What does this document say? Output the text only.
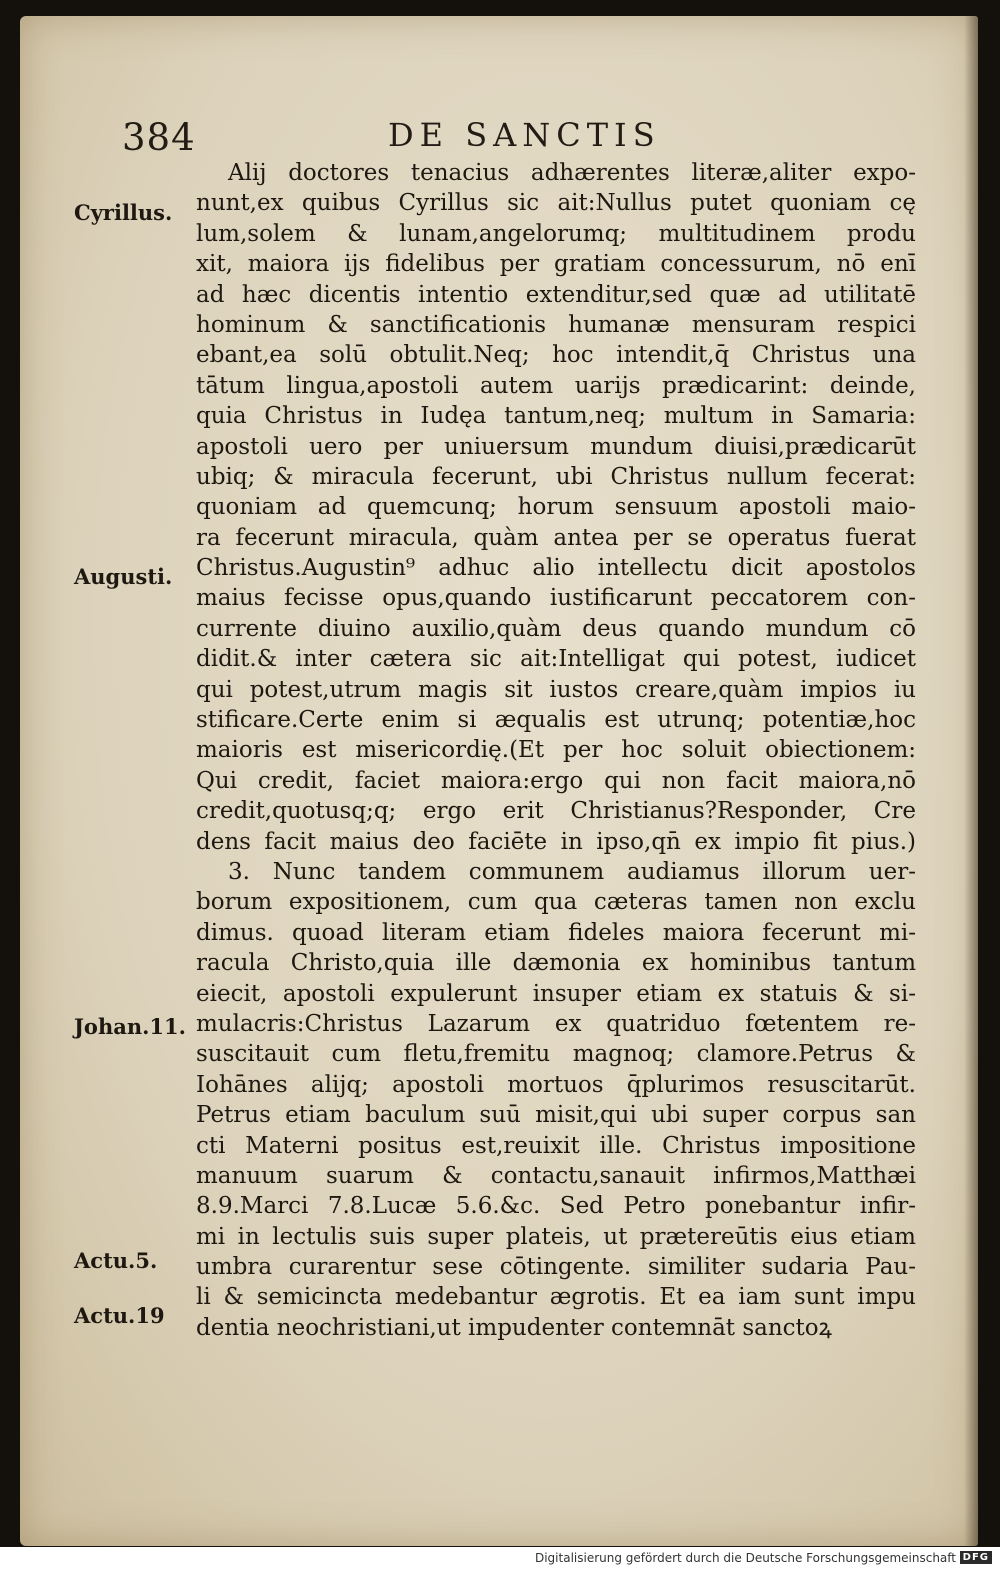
384	DE SANCTIS
Cyrillus.
Augusti.
Johan.11.
Actu.5.
Actu.19
Alij doctores tenacius adhærentes literæ,aliter expo-
nunt,ex quibus Cyrillus sic ait:Nullus putet quoniam cę
lum,solem & lunam,angelorumq; multitudinem produ
xit, maiora ijs fidelibus per gratiam concessurum, nō enī
ad hæc dicentis intentio extenditur,sed quæ ad utilitatē
hominum & sanctificationis humanæ mensuram respici
ebant,ea solū obtulit.Neq; hoc intendit,q̄ Christus una
tātum lingua,apostoli autem uarijs prædicarint: deinde,
quia Christus in Iudęa tantum,neq; multum in Samaria:
apostoli uero per uniuersum mundum diuisi,prædicarūt
ubiq; & miracula fecerunt, ubi Christus nullum fecerat:
quoniam ad quemcunq; horum sensuum apostoli maio-
ra fecerunt miracula, quàm antea per se operatus fuerat
Christus.Augustin⁹ adhuc alio intellectu dicit apostolos
maius fecisse opus,quando iustificarunt peccatorem con-
currente diuino auxilio,quàm deus quando mundum cō
didit.& inter cætera sic ait:Intelligat qui potest, iudicet
qui potest,utrum magis sit iustos creare,quàm impios iu
stificare.Certe enim si æqualis est utrunq; potentiæ,hoc
maioris est misericordię.(Et per hoc soluit obiectionem:
Qui credit, faciet maiora:ergo qui non facit maiora,nō
credit,quotusq;q; ergo erit Christianus?Responder, Cre
dens facit maius deo faciēte in ipso,qn̄ ex impio fit pius.)
3. Nunc tandem communem audiamus illorum uer-
borum expositionem, cum qua cæteras tamen non exclu
dimus. quoad literam etiam fideles maiora fecerunt mi-
racula Christo,quia ille dæmonia ex hominibus tantum
eiecit, apostoli expulerunt insuper etiam ex statuis & si-
mulacris:Christus Lazarum ex quatriduo fœtentem re-
suscitauit cum fletu,fremitu magnoq; clamore.Petrus &
Iohānes alijq; apostoli mortuos q̄plurimos resuscitarūt.
Petrus etiam baculum suū misit,qui ubi super corpus san
cti Materni positus est,reuixit ille. Christus impositione
manuum suarum & contactu,sanauit infirmos,Matthæi
8.9.Marci 7.8.Lucæ 5.6.&c. Sed Petro ponebantur infir-
mi in lectulis suis super plateis, ut prætereūtis eius etiam
umbra curarentur sese cōtingente. similiter sudaria Pau-
li & semicincta medebantur ægrotis. Et ea iam sunt impu
dentia neochristiani,ut impudenter contemnāt sanctoꝝ
Digitalisierung gefördert durch die Deutsche Forschungsgemeinschaft DFG
